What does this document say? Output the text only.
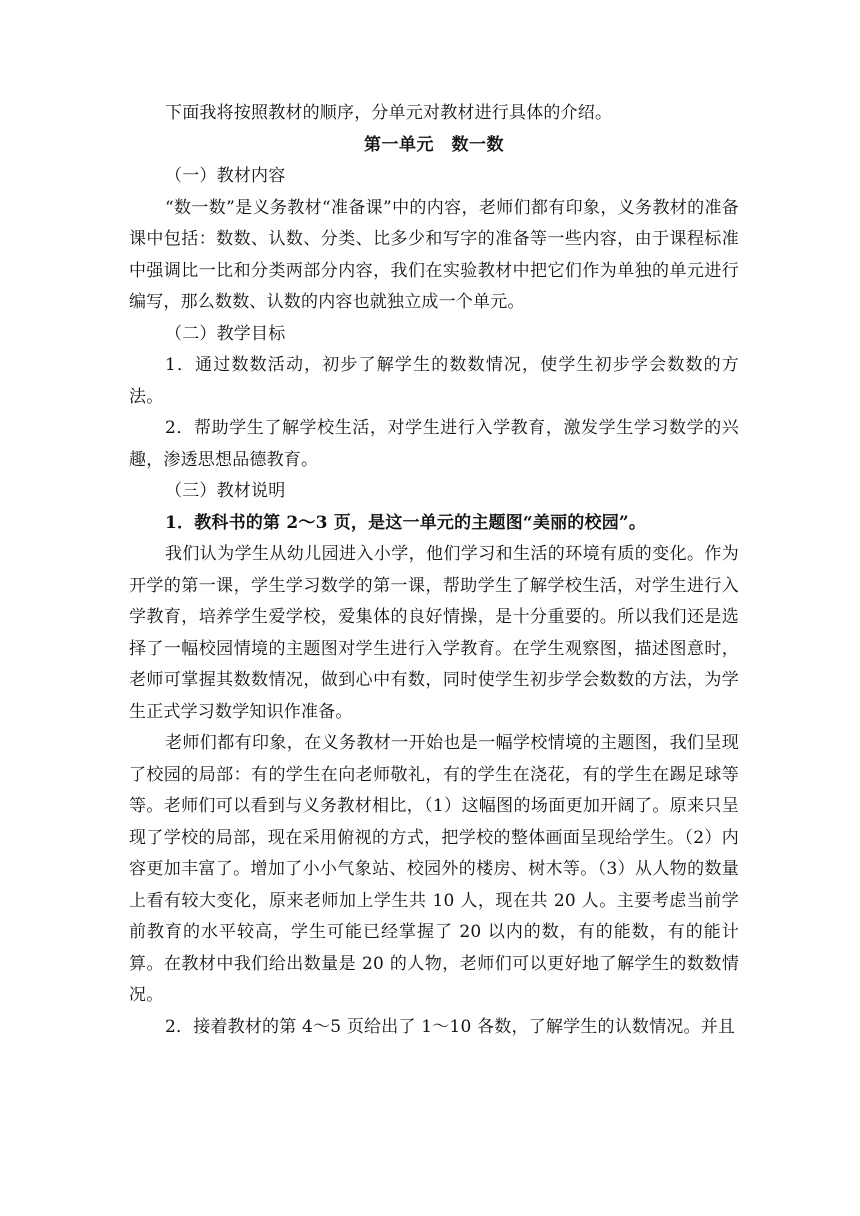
下面我将按照教材的顺序，分单元对教材进行具体的介绍。

第一单元　数一数

（一）教材内容

“数一数”是义务教材“准备课”中的内容，老师们都有印象，义务教材的准备课中包括：数数、认数、分类、比多少和写字的准备等一些内容，由于课程标准中强调比一比和分类两部分内容，我们在实验教材中把它们作为单独的单元进行编写，那么数数、认数的内容也就独立成一个单元。

（二）教学目标

1．通过数数活动，初步了解学生的数数情况，使学生初步学会数数的方法。

2．帮助学生了解学校生活，对学生进行入学教育，激发学生学习数学的兴趣，渗透思想品德教育。

（三）教材说明

1．教科书的第 2～3 页，是这一单元的主题图“美丽的校园”。

我们认为学生从幼儿园进入小学，他们学习和生活的环境有质的变化。作为开学的第一课，学生学习数学的第一课，帮助学生了解学校生活，对学生进行入学教育，培养学生爱学校，爱集体的良好情操，是十分重要的。所以我们还是选择了一幅校园情境的主题图对学生进行入学教育。在学生观察图，描述图意时，老师可掌握其数数情况，做到心中有数，同时使学生初步学会数数的方法，为学生正式学习数学知识作准备。

老师们都有印象，在义务教材一开始也是一幅学校情境的主题图，我们呈现了校园的局部：有的学生在向老师敬礼，有的学生在浇花，有的学生在踢足球等等。老师们可以看到与义务教材相比，（1）这幅图的场面更加开阔了。原来只呈现了学校的局部，现在采用俯视的方式，把学校的整体画面呈现给学生。（2）内容更加丰富了。增加了小小气象站、校园外的楼房、树木等。（3）从人物的数量上看有较大变化，原来老师加上学生共 10 人，现在共 20 人。主要考虑当前学前教育的水平较高，学生可能已经掌握了 20 以内的数，有的能数，有的能计算。在教材中我们给出数量是 20 的人物，老师们可以更好地了解学生的数数情况。

2．接着教材的第 4～5 页给出了 1～10 各数，了解学生的认数情况。并且
